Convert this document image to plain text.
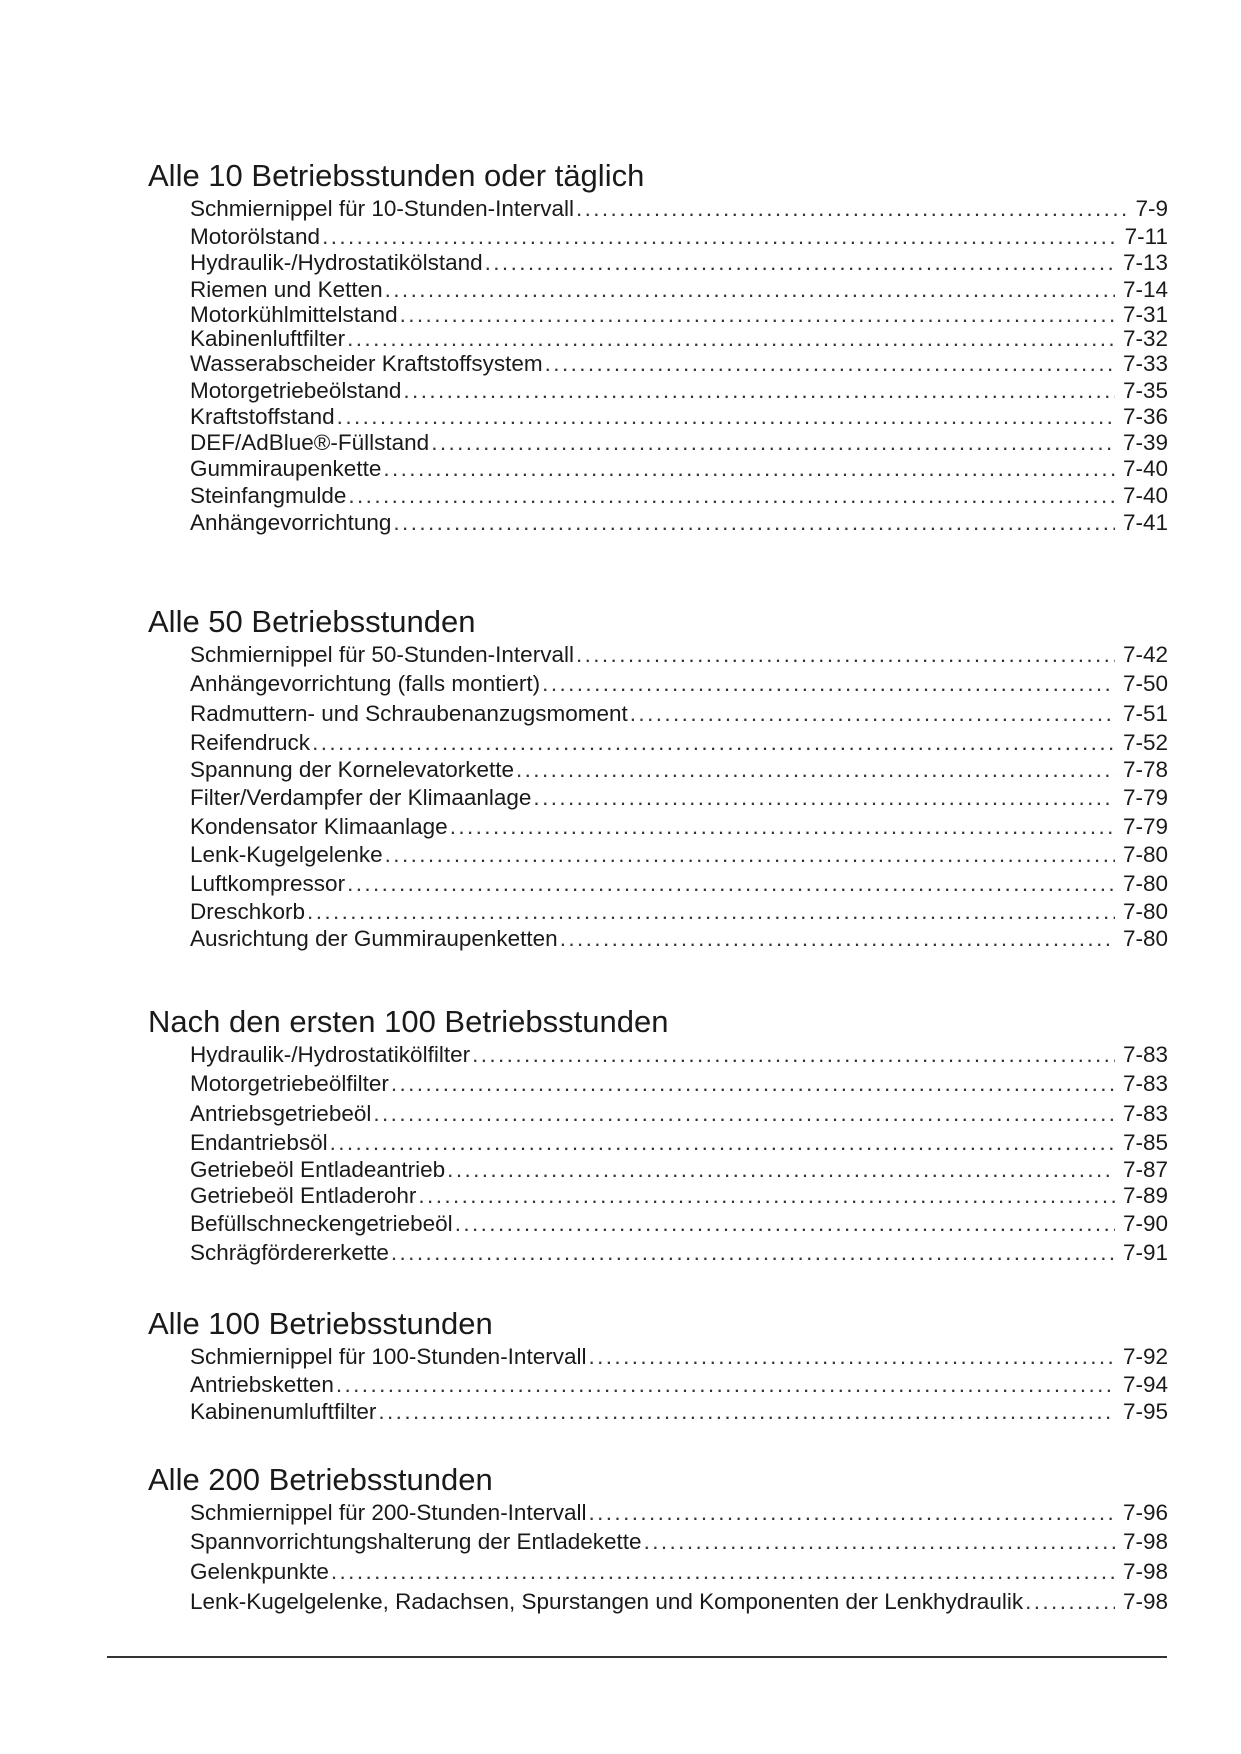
Alle 10 Betriebsstunden oder täglich
Schmiernippel für 10-Stunden-Intervall .....	7-9
Motorölstand .....	7-11
Hydraulik-/Hydrostatikölstand .....	7-13
Riemen und Ketten .....	7-14
Motorkühlmittelstand .....	7-31
Kabinenluftfilter .....	7-32
Wasserabscheider Kraftstoffsystem .....	7-33
Motorgetriebeölstand .....	7-35
Kraftstoffstand .....	7-36
DEF/AdBlue®-Füllstand .....	7-39
Gummiraupenkette .....	7-40
Steinfangmulde .....	7-40
Anhängevorrichtung .....	7-41
Alle 50 Betriebsstunden
Schmiernippel für 50-Stunden-Intervall .....	7-42
Anhängevorrichtung (falls montiert) .....	7-50
Radmuttern- und Schraubenanzugsmoment .....	7-51
Reifendruck .....	7-52
Spannung der Kornelevatorkette .....	7-78
Filter/Verdampfer der Klimaanlage .....	7-79
Kondensator Klimaanlage .....	7-79
Lenk-Kugelgelenke .....	7-80
Luftkompressor .....	7-80
Dreschkorb .....	7-80
Ausrichtung der Gummiraupenketten .....	7-80
Nach den ersten 100 Betriebsstunden
Hydraulik-/Hydrostatikölfilter .....	7-83
Motorgetriebeölfilter .....	7-83
Antriebsgetriebeöl .....	7-83
Endantriebsöl .....	7-85
Getriebeöl Entladeantrieb .....	7-87
Getriebeöl Entladerohr .....	7-89
Befüllschneckengetriebeöl .....	7-90
Schrägfördererkette .....	7-91
Alle 100 Betriebsstunden
Schmiernippel für 100-Stunden-Intervall .....	7-92
Antriebsketten .....	7-94
Kabinenumluftfilter .....	7-95
Alle 200 Betriebsstunden
Schmiernippel für 200-Stunden-Intervall .....	7-96
Spannvorrichtungshalterung der Entladekette .....	7-98
Gelenkpunkte .....	7-98
Lenk-Kugelgelenke, Radachsen, Spurstangen und Komponenten der Lenkhydraulik .....	7-98
